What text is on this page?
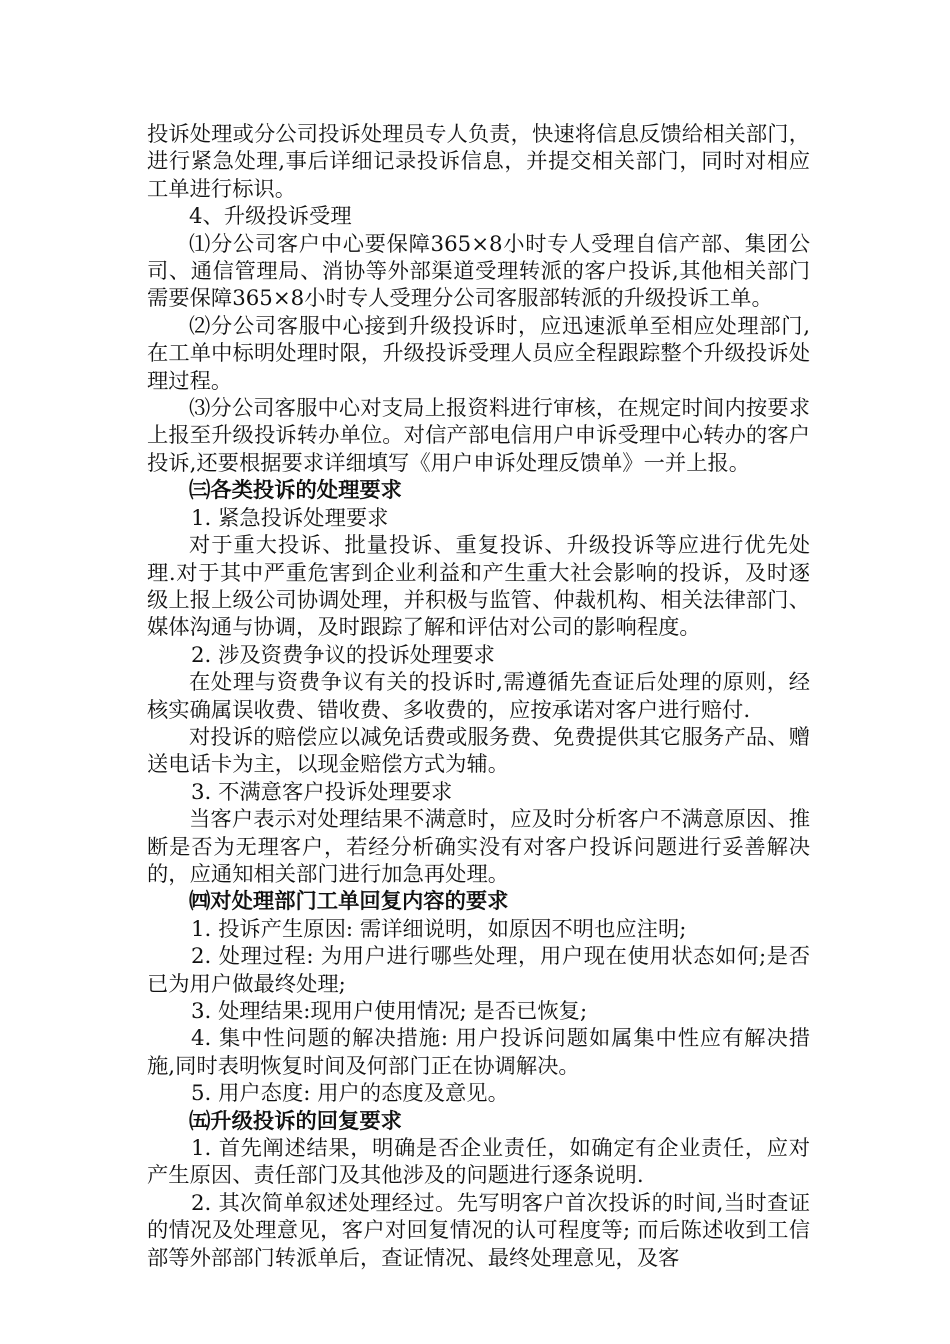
投诉处理或分公司投诉处理员专人负责，快速将信息反馈给相关部门，进行紧急处理,事后详细记录投诉信息，并提交相关部门，同时对相应工单进行标识。

4、升级投诉受理

⑴分公司客户中心要保障365×8小时专人受理自信产部、集团公司、通信管理局、消协等外部渠道受理转派的客户投诉,其他相关部门需要保障365×8小时专人受理分公司客服部转派的升级投诉工单。

⑵分公司客服中心接到升级投诉时，应迅速派单至相应处理部门,在工单中标明处理时限，升级投诉受理人员应全程跟踪整个升级投诉处理过程。

⑶分公司客服中心对支局上报资料进行审核，在规定时间内按要求上报至升级投诉转办单位。对信产部电信用户申诉受理中心转办的客户投诉,还要根据要求详细填写《用户申诉处理反馈单》一并上报。

㈢各类投诉的处理要求

1. 紧急投诉处理要求

对于重大投诉、批量投诉、重复投诉、升级投诉等应进行优先处理.对于其中严重危害到企业利益和产生重大社会影响的投诉，及时逐级上报上级公司协调处理，并积极与监管、仲裁机构、相关法律部门、媒体沟通与协调，及时跟踪了解和评估对公司的影响程度。

2. 涉及资费争议的投诉处理要求

在处理与资费争议有关的投诉时,需遵循先查证后处理的原则，经核实确属误收费、错收费、多收费的，应按承诺对客户进行赔付.

对投诉的赔偿应以减免话费或服务费、免费提供其它服务产品、赠送电话卡为主，以现金赔偿方式为辅。

3. 不满意客户投诉处理要求

当客户表示对处理结果不满意时，应及时分析客户不满意原因、推断是否为无理客户，若经分析确实没有对客户投诉问题进行妥善解决的，应通知相关部门进行加急再处理。

㈣对处理部门工单回复内容的要求

1. 投诉产生原因: 需详细说明，如原因不明也应注明;

2. 处理过程: 为用户进行哪些处理，用户现在使用状态如何;是否已为用户做最终处理;

3. 处理结果:现用户使用情况; 是否已恢复;

4. 集中性问题的解决措施: 用户投诉问题如属集中性应有解决措施,同时表明恢复时间及何部门正在协调解决。

5. 用户态度: 用户的态度及意见。

㈤升级投诉的回复要求

1. 首先阐述结果，明确是否企业责任，如确定有企业责任，应对产生原因、责任部门及其他涉及的问题进行逐条说明.

2. 其次简单叙述处理经过。先写明客户首次投诉的时间,当时查证的情况及处理意见，客户对回复情况的认可程度等; 而后陈述收到工信部等外部部门转派单后，查证情况、最终处理意见，及客
